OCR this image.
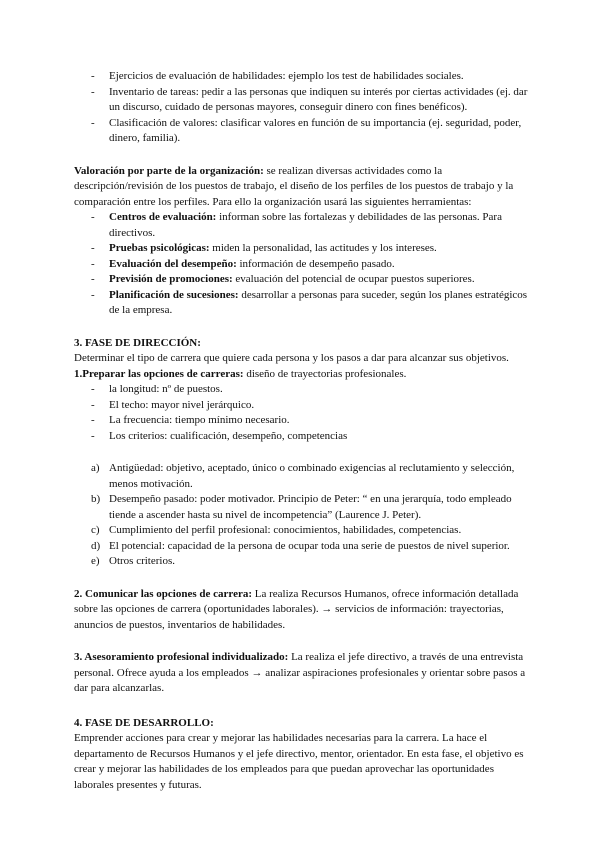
- Ejercicios de evaluación de habilidades: ejemplo los test de habilidades sociales.
- Inventario de tareas: pedir a las personas que indiquen su interés por ciertas actividades (ej. dar un discurso, cuidado de personas mayores, conseguir dinero con fines benéficos).
- Clasificación de valores: clasificar valores en función de su importancia (ej. seguridad, poder, dinero, familia).

Valoración por parte de la organización: se realizan diversas actividades como la descripción/revisión de los puestos de trabajo, el diseño de los perfiles de los puestos de trabajo y la comparación entre los perfiles. Para ello la organización usará las siguientes herramientas:

- Centros de evaluación: informan sobre las fortalezas y debilidades de las personas. Para directivos.
- Pruebas psicológicas: miden la personalidad, las actitudes y los intereses.
- Evaluación del desempeño: información de desempeño pasado.
- Previsión de promociones: evaluación del potencial de ocupar puestos superiores.
- Planificación de sucesiones: desarrollar a personas para suceder, según los planes estratégicos de la empresa.

3. FASE DE DIRECCIÓN:

Determinar el tipo de carrera que quiere cada persona y los pasos a dar para alcanzar sus objetivos.

1.Preparar las opciones de carreras: diseño de trayectorias profesionales.

- la longitud: nº de puestos.
- El techo: mayor nivel jerárquico.
- La frecuencia: tiempo mínimo necesario.
- Los criterios: cualificación, desempeño, competencias
a) Antigüedad: objetivo, aceptado, único o combinado exigencias al reclutamiento y selección, menos motivación.
b) Desempeño pasado: poder motivador. Principio de Peter: “ en una jerarquía, todo empleado tiende a ascender hasta su nivel de incompetencia” (Laurence J. Peter).
c) Cumplimiento del perfil profesional: conocimientos, habilidades, competencias.
d) El potencial: capacidad de la persona de ocupar toda una serie de puestos de nivel superior.
e) Otros criterios.

2. Comunicar las opciones de carrera: La realiza Recursos Humanos, ofrece información detallada sobre las opciones de carrera (oportunidades laborales). → servicios de información: trayectorias, anuncios de puestos, inventarios de habilidades.

3. Asesoramiento profesional individualizado: La realiza el jefe directivo, a través de una entrevista personal. Ofrece ayuda a los empleados → analizar aspiraciones profesionales y orientar sobre pasos a dar para alcanzarlas.

4. FASE DE DESARROLLO:

Emprender acciones para crear y mejorar las habilidades necesarias para la carrera. La hace el departamento de Recursos Humanos y el jefe directivo, mentor, orientador. En esta fase, el objetivo es crear y mejorar las habilidades de los empleados para que puedan aprovechar las oportunidades laborales presentes y futuras.
